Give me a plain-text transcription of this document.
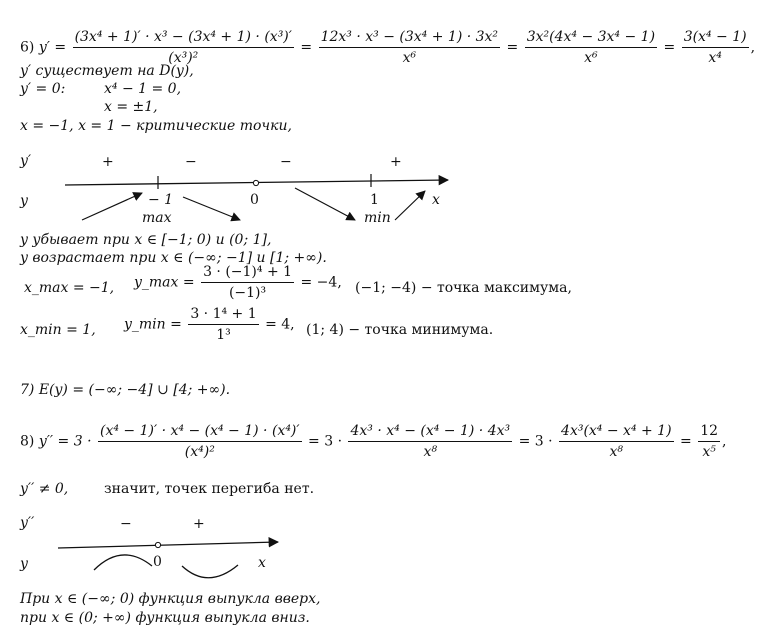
6) $y' = \frac{\text{(3x⁴ + 1)′ · x³ − (3x⁴ + 1) · (x³)′}}{\text{(x³)²}} = \frac{\text{12x³ · x³ − (3x⁴ + 1) · 3x²}}{\text{x⁶}} = \frac{\text{3x²(4x⁴ − 3x⁴ − 1)}}{\text{x⁶}} = \frac{\text{3(x⁴ − 1)}}{\text{x⁴}}$ ,
y′ существует на D(y),
y′ = 0:	x⁴ − 1 = 0,
x = ±1,
x = −1, x = 1 − критические точки,
y′
y
+	−	−	+
− 1	0	1	x
max	min
y′′
y
−	+
0	x
y убывает при x ∈ [−1; 0) и (0; 1],
y возрастает при x ∈ (−∞; −1] и [1; +∞).
x_max = −1, y_max = $\frac{\text{3 · (−1)⁴ + 1}}{\text{(−1)³}} = -4$, (−1; −4) − точка максимума,
x_min = 1, y_min = $\frac{\text{3 · 1⁴ + 1}}{\text{1³}} = 4$, (1; 4) − точка минимума.
7) E(y) = (−∞; −4] ∪ [4; +∞).
8) $y'' = 3 \cdot \frac{\text{(x⁴ − 1)′ · x⁴ − (x⁴ − 1) · (x⁴)′}}{\text{(x⁴)²}} = 3 \cdot \frac{\text{4x³ · x⁴ − (x⁴ − 1) · 4x³}}{\text{x⁸}} = 3 \cdot \frac{\text{4x³(x⁴ − x⁴ + 1)}}{\text{x⁸}} = \frac{12}{\text{x⁵}}$ ,
y′′ ≠ 0,	значит, точек перегиба нет.
При x ∈ (−∞; 0) функция выпукла вверх,
при x ∈ (0; +∞) функция выпукла вниз.
